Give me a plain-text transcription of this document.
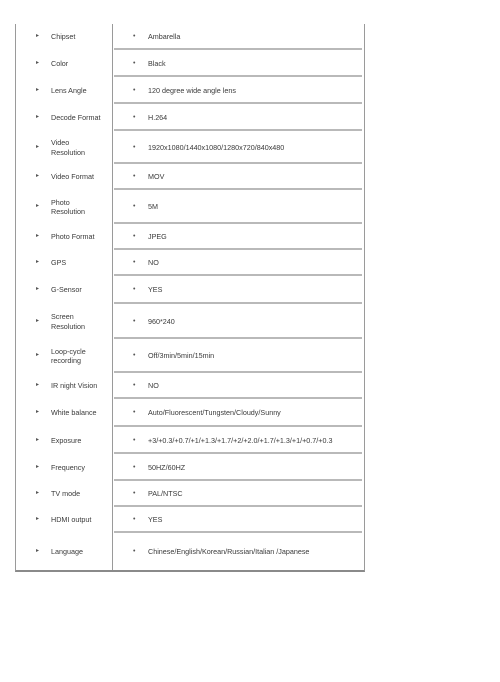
▸ Chipset	• Ambarella
▸ Color	• Black
▸ Lens Angle	• 120 degree wide angle lens
▸ Decode Format	• H.264
▸ Video
Resolution
• 1920x1080/1440x1080/1280x720/840x480
▸ Video Format	• MOV
▸ Photo
Resolution
• 5M
▸ Photo Format	• JPEG
▸ GPS	• NO
▸ G-Sensor	• YES
▸ Screen
Resolution
• 960*240
▸ Loop-cycle
recording
• Off/3min/5min/15min
▸ IR night Vision	• NO
▸ White balance	• Auto/Fluorescent/Tungsten/Cloudy/Sunny
▸ Exposure	• +3/+0.3/+0.7/+1/+1.3/+1.7/+2/+2.0/+1.7/+1.3/+1/+0.7/+0.3
▸ Frequency	• 50HZ/60HZ
▸ TV mode	• PAL/NTSC
▸ HDMI output	• YES
▸ Language	• Chinese/English/Korean/Russian/Italian /Japanese
